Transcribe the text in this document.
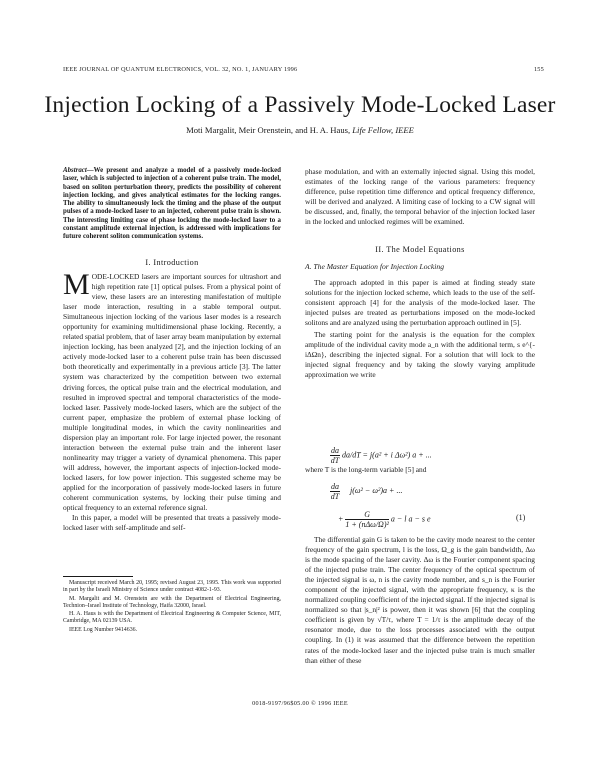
IEEE JOURNAL OF QUANTUM ELECTRONICS, VOL. 32, NO. 1, JANUARY 1996	155
Injection Locking of a Passively Mode-Locked Laser
Moti Margalit, Meir Orenstein, and H. A. Haus, Life Fellow, IEEE
Abstract—We present and analyze a model of a passively mode-locked laser, which is subjected to injection of a coherent pulse train. The model, based on soliton perturbation theory, predicts the possibility of coherent injection locking, and gives analytical estimates for the locking ranges. The ability to simultaneously lock the timing and the phase of the output pulses of a mode-locked laser to an injected, coherent pulse train is shown. The interesting limiting case of phase locking the mode-locked laser to a constant amplitude external injection, is addressed with implications for future coherent soliton communication systems.
I. Introduction

MODE-LOCKED lasers are important sources for ultrashort and high repetition rate [1] optical pulses. From a physical point of view, these lasers are an interesting manifestation of multiple laser mode interaction, resulting in a stable temporal output. Simultaneous injection locking of the various laser modes is a research opportunity for examining multidimensional phase locking. Recently, a related spatial problem, that of laser array beam manipulation by external injection locking, has been analyzed [2], and the injection locking of an actively mode-locked laser to a coherent pulse train has been discussed both theoretically and experimentally in a previous article [3]. The latter system was characterized by the competition between two external driving forces, the optical pulse train and the electrical modulation, and resulted in improved spectral and temporal characteristics of the mode-locked laser. Passively mode-locked lasers, which are the subject of the current paper, emphasize the problem of external phase locking of multiple longitudinal modes, in which the cavity nonlinearities and dispersion play an important role. For large injected power, the resonant interaction between the external pulse train and the inherent laser nonlinearity may trigger a variety of dynamical phenomena. This paper will address, however, the important aspects of injection-locked mode-locked lasers, for low power injection. This suggested scheme may be applied for the incorporation of passively mode-locked lasers in future coherent communication systems, by locking their pulse timing and optical frequency to an external reference signal.

In this paper, a model will be presented that treats a passively mode-locked laser with self-amplitude and self-

Manuscript received March 20, 1995; revised August 23, 1995. This work was supported in part by the Israeli Ministry of Science under contract 4082-1-93.

M. Margalit and M. Orenstein are with the Department of Electrical Engineering, Technion–Israel Institute of Technology, Haifa 32000, Israel.

H. A. Haus is with the Department of Electrical Engineering & Computer Science, MIT, Cambridge, MA 02139 USA.

IEEE Log Number 9414636.

phase modulation, and with an externally injected signal. Using this model, estimates of the locking range of the various parameters: frequency difference, pulse repetition time difference and optical frequency difference, will be derived and analyzed. A limiting case of locking to a CW signal will be discussed, and, finally, the temporal behavior of the injection locked laser in the locked and unlocked regimes will be examined.
II. The Model Equations
A. The Master Equation for Injection Locking

The approach adopted in this paper is aimed at finding steady state solutions for the injection locked scheme, which leads to the use of the self-consistent approach [4] for the analysis of the mode-locked laser. The injected pulses are treated as perturbations imposed on the mode-locked solitons and are analyzed using the perturbation approach outlined in [5].

The starting point for the analysis is the equation for the complex amplitude of the individual cavity mode a_n with the additional term, s e^{-iΔΩn}, describing the injected signal. For a solution that will lock to the injected signal frequency and by taking the slowly varying amplitude approximation we write

$\frac{da}{dT} da/dT = j(a^2 + i$ Δω²) a + ...
where T is the long-term variable [5] and
$\frac{da}{dT} j(\omega^2 - \omega^2)a$ + ...
+ $\frac{G}{\text{1 + (nΔω/Ω)²}}$ a − l a − s e	(1)

The differential gain G is taken to be the cavity mode nearest to the center frequency of the gain spectrum, l is the loss, Ω_g is the gain bandwidth, Δω is the mode spacing of the laser cavity. Δω is the Fourier component spacing of the injected pulse train. The center frequency of the optical spectrum of the injected signal is ω, n is the cavity mode number, and s_n is the Fourier component of the injected signal, with the appropriate frequency, κ is the normalized coupling coefficient of the injected signal. If the injected signal is normalized so that |s_n|² is power, then it was shown [6] that the coupling coefficient is given by √T/τ, where T = 1/τ is the amplitude decay of the resonator mode, due to the loss processes associated with the output coupling. In (1) it was assumed that the difference between the repetition rates of the mode-locked laser and the injected pulse train is much smaller than either of these

0018-9197/96$05.00 © 1996 IEEE
